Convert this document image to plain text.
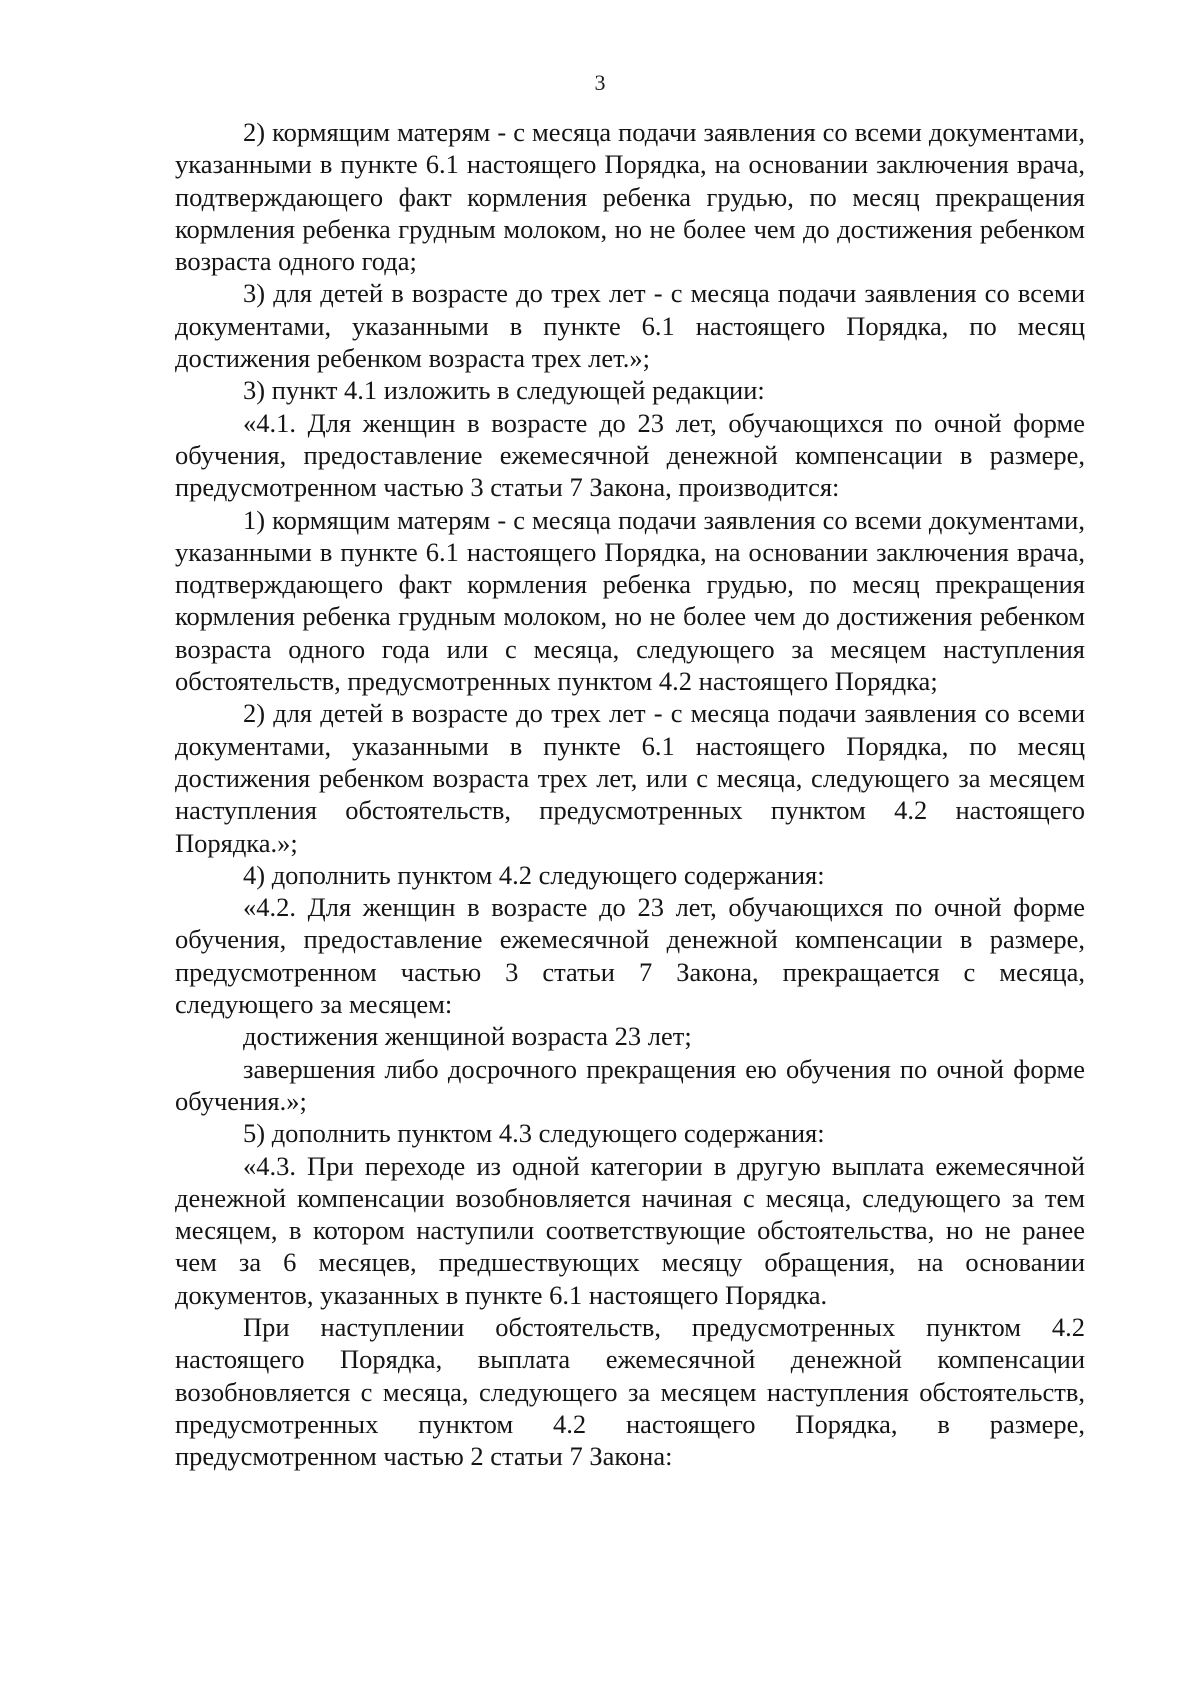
3

2) кормящим матерям - с месяца подачи заявления со всеми документами, указанными в пункте 6.1 настоящего Порядка, на основании заключения врача, подтверждающего факт кормления ребенка грудью, по месяц прекращения кормления ребенка грудным молоком, но не более чем до достижения ребенком возраста одного года;

3) для детей в возрасте до трех лет - с месяца подачи заявления со всеми документами, указанными в пункте 6.1 настоящего Порядка, по месяц достижения ребенком возраста трех лет.»;

3) пункт 4.1 изложить в следующей редакции:

«4.1. Для женщин в возрасте до 23 лет, обучающихся по очной форме обучения, предоставление ежемесячной денежной компенсации в размере, предусмотренном частью 3 статьи 7 Закона, производится:

1) кормящим матерям - с месяца подачи заявления со всеми документами, указанными в пункте 6.1 настоящего Порядка, на основании заключения врача, подтверждающего факт кормления ребенка грудью, по месяц прекращения кормления ребенка грудным молоком, но не более чем до достижения ребенком возраста одного года или с месяца, следующего за месяцем наступления обстоятельств, предусмотренных пунктом 4.2 настоящего Порядка;

2) для детей в возрасте до трех лет - с месяца подачи заявления со всеми документами, указанными в пункте 6.1 настоящего Порядка, по месяц достижения ребенком возраста трех лет, или с месяца, следующего за месяцем наступления обстоятельств, предусмотренных пунктом 4.2 настоящего Порядка.»;

4) дополнить пунктом 4.2 следующего содержания:

«4.2. Для женщин в возрасте до 23 лет, обучающихся по очной форме обучения, предоставление ежемесячной денежной компенсации в размере, предусмотренном частью 3 статьи 7 Закона, прекращается с месяца, следующего за месяцем:

достижения женщиной возраста 23 лет;

завершения либо досрочного прекращения ею обучения по очной форме обучения.»;

5) дополнить пунктом 4.3 следующего содержания:

«4.3. При переходе из одной категории в другую выплата ежемесячной денежной компенсации возобновляется начиная с месяца, следующего за тем месяцем, в котором наступили соответствующие обстоятельства, но не ранее чем за 6 месяцев, предшествующих месяцу обращения, на основании документов, указанных в пункте 6.1 настоящего Порядка.

При наступлении обстоятельств, предусмотренных пунктом 4.2 настоящего Порядка, выплата ежемесячной денежной компенсации возобновляется с месяца, следующего за месяцем наступления обстоятельств, предусмотренных пунктом 4.2 настоящего Порядка, в размере, предусмотренном частью 2 статьи 7 Закона:
